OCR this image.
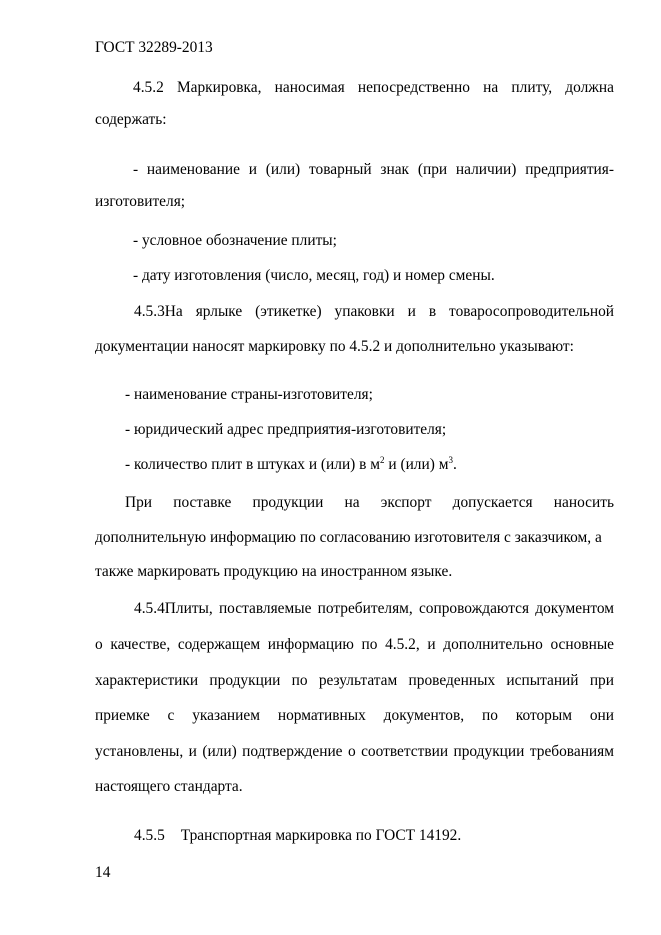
ГОСТ 32289-2013
4.5.2 Маркировка, наносимая непосредственно на плиту, должна
содержать:
- наименование и (или) товарный знак (при наличии) предприятия-
изготовителя;
- условное обозначение плиты;
- дату изготовления (число, месяц, год) и номер смены.
4.5.3На ярлыке (этикетке) упаковки и в товаросопроводительной
документации наносят маркировку по 4.5.2 и дополнительно указывают:
- наименование страны-изготовителя;
- юридический адрес предприятия-изготовителя;
- количество плит в штуках и (или) в $м^2$ и (или) $м^3$.
При поставке продукции на экспорт допускается наносить
дополнительную информацию по согласованию изготовителя с заказчиком, а
также маркировать продукцию на иностранном языке.
4.5.4Плиты, поставляемые потребителям, сопровождаются документом
о качестве, содержащем информацию по 4.5.2, и дополнительно основные
характеристики продукции по результатам проведенных испытаний при
приемке с указанием нормативных документов, по которым они
установлены, и (или) подтверждение о соответствии продукции требованиям
настоящего стандарта.
4.5.5 Транспортная маркировка по ГОСТ 14192.
14
